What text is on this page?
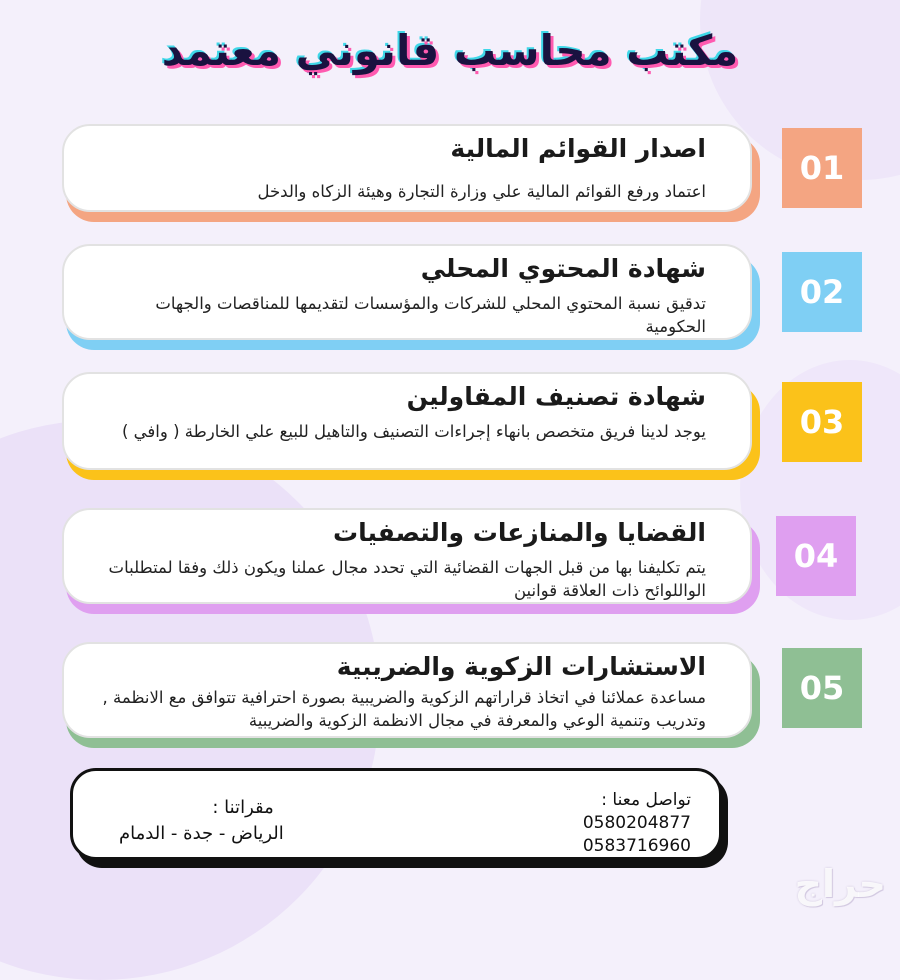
مكتب محاسب قانوني معتمد
اصدار القوائم المالية

اعتماد ورفع القوائم المالية علي وزارة التجارة وهيئة الزكاه والدخل

01
شهادة المحتوي المحلي

تدقيق نسبة المحتوي المحلي للشركات والمؤسسات لتقديمها للمناقصات والجهات الحكومية

02
شهادة تصنيف المقاولين

يوجد لدينا فريق متخصص بانهاء إجراءات التصنيف والتاهيل للبيع علي الخارطة ( وافي )	03
القضايا والمنازعات والتصفيات

يتم تكليفنا بها من قبل الجهات القضائية التي تحدد مجال عملنا ويكون ذلك وفقا لمتطلبات الواللوائح ذات العلاقة قوانين

04
الاستشارات الزكوية والضريبية

مساعدة عملائنا في اتخاذ قراراتهم الزكوية والضريبية بصورة احترافية تتوافق مع الانظمة , وتدريب وتنمية الوعي والمعرفة في مجال الانظمة الزكوية والضريبية

05
تواصل معنا :
0580204877
0583716960
مقراتنا :
الرياض - جدة - الدمام
حراج
